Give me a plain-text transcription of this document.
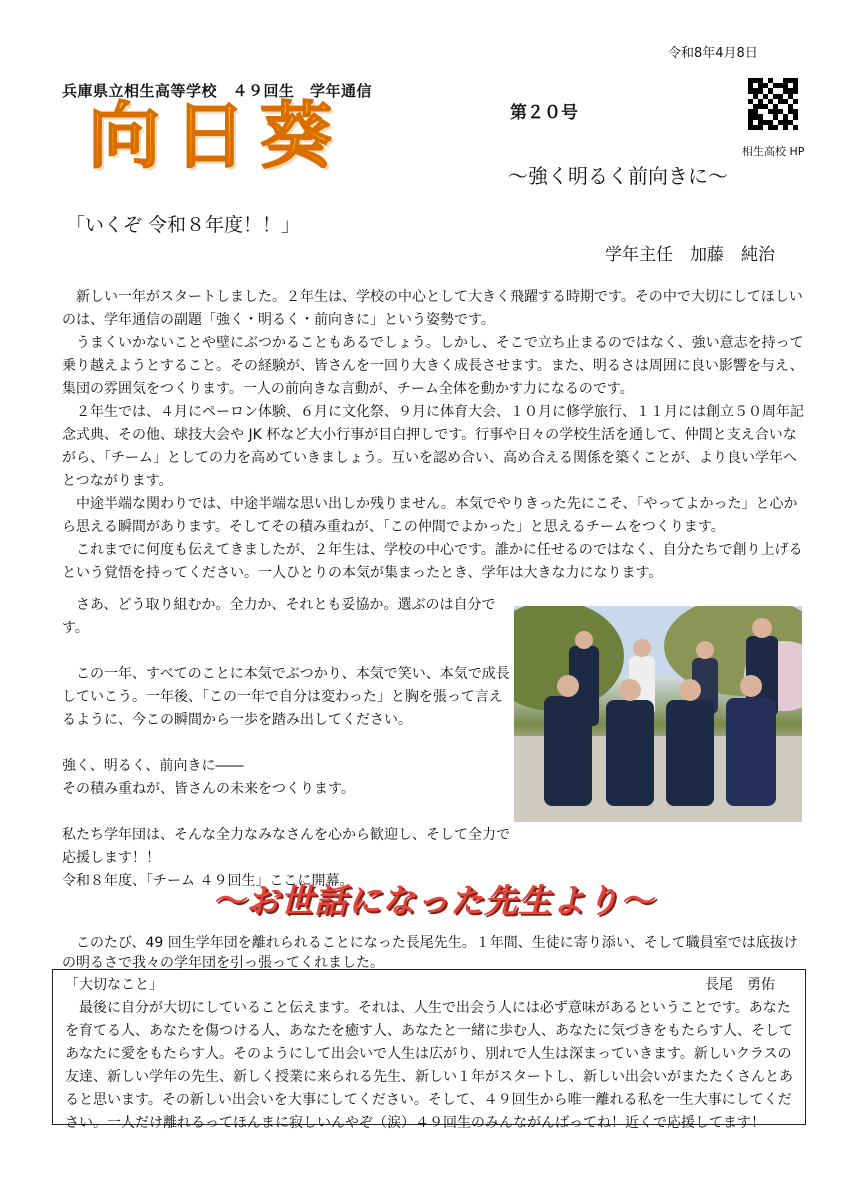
令和8年4月8日
兵庫県立相生高等学校　４９回生　学年通信
向日葵	第２０号
～強く明るく前向きに～
相生高校 HP
「いくぞ 令和８年度！！」
学年主任　加藤　純治

新しい一年がスタートしました。２年生は、学校の中心として大きく飛躍する時期です。その中で大切にしてほしいのは、学年通信の副題「強く・明るく・前向きに」という姿勢です。

うまくいかないことや壁にぶつかることもあるでしょう。しかし、そこで立ち止まるのではなく、強い意志を持って乗り越えようとすること。その経験が、皆さんを一回り大きく成長させます。また、明るさは周囲に良い影響を与え、集団の雰囲気をつくります。一人の前向きな言動が、チーム全体を動かす力になるのです。

２年生では、４月にペーロン体験、６月に文化祭、９月に体育大会、１０月に修学旅行、１１月には創立５０周年記念式典、その他、球技大会や JK 杯など大小行事が目白押しです。行事や日々の学校生活を通して、仲間と支え合いながら、「チーム」としての力を高めていきましょう。互いを認め合い、高め合える関係を築くことが、より良い学年へとつながります。

中途半端な関わりでは、中途半端な思い出しか残りません。本気でやりきった先にこそ、「やってよかった」と心から思える瞬間があります。そしてその積み重ねが、「この仲間でよかった」と思えるチームをつくります。

これまでに何度も伝えてきましたが、２年生は、学校の中心です。誰かに任せるのではなく、自分たちで創り上げるという覚悟を持ってください。一人ひとりの本気が集まったとき、学年は大きな力になります。

さあ、どう取り組むか。全力か、それとも妥協か。選ぶのは自分です。

この一年、すべてのことに本気でぶつかり、本気で笑い、本気で成長していこう。一年後、「この一年で自分は変わった」と胸を張って言えるように、今この瞬間から一歩を踏み出してください。

強く、明るく、前向きに――

その積み重ねが、皆さんの未来をつくります。

私たち学年団は、そんな全力なみなさんを心から歓迎し、そして全力で応援します！！

令和８年度、「チーム ４９回生」ここに開幕。

～お世話になった先生より～

このたび、49 回生学年団を離れられることになった長尾先生。１年間、生徒に寄り添い、そして職員室では底抜けの明るさで我々の学年団を引っ張ってくれました。

「大切なこと」	長尾　勇佑

最後に自分が大切にしていること伝えます。それは、人生で出会う人には必ず意味があるということです。あなたを育てる人、あなたを傷つける人、あなたを癒す人、あなたと一緒に歩む人、あなたに気づきをもたらす人、そしてあなたに愛をもたらす人。そのようにして出会いで人生は広がり、別れで人生は深まっていきます。新しいクラスの友達、新しい学年の先生、新しく授業に来られる先生、新しい１年がスタートし、新しい出会いがまたたくさんとあると思います。その新しい出会いを大事にしてください。そして、４９回生から唯一離れる私を一生大事にしてください。一人だけ離れるってほんまに寂しいんやぞ（涙）４９回生のみんながんばってね！近くで応援してます！
